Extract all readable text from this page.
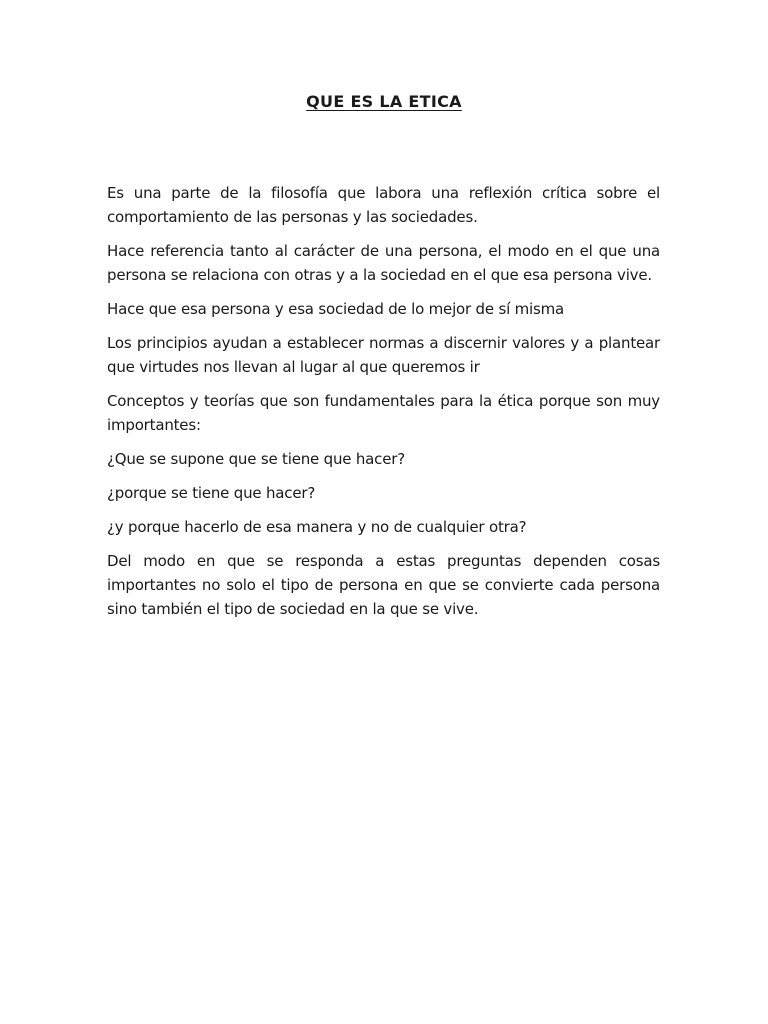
QUE ES LA ETICA

Es una parte de la filosofía que labora una reflexión crítica sobre el comportamiento de las personas y las sociedades.

Hace referencia tanto al carácter de una persona, el modo en el que una persona se relaciona con otras y a la sociedad en el que esa persona vive.

Hace que esa persona y esa sociedad de lo mejor de sí misma

Los principios ayudan a establecer normas a discernir valores y a plantear que virtudes nos llevan al lugar al que queremos ir

Conceptos y teorías que son fundamentales para la ética porque son muy importantes:

¿Que se supone que se tiene que hacer?

¿porque se tiene que hacer?

¿y porque hacerlo de esa manera y no de cualquier otra?

Del modo en que se responda a estas preguntas dependen cosas importantes no solo el tipo de persona en que se convierte cada persona sino también el tipo de sociedad en la que se vive.
